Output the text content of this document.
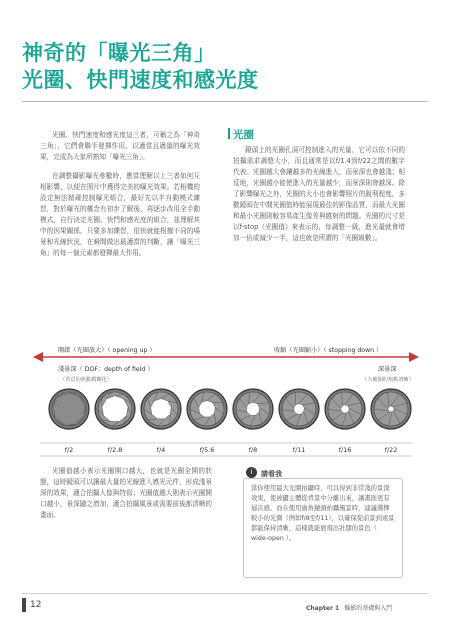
神奇的「曝光三角」
光圈、快門速度和感光度

光圈、快門速度和感光度這三者，可稱之為「神奇三角」，它們會聯手發揮作用，以適當且適量的曝光效果，完成為大家所熟知「曝光三角」。

在調整攝影曝光參數時，應當理解以上三者如何互相影響，以便在照片中獲得完美的曝光效果。若相機的設定無法精確控制曝光組合，最好先以半自動模式練習，對於曝光的概念有初步了解後，再逐步改用全手動模式，自行決定光圈、快門和感光度的組合，並理解其中的因果關係。只要多加練習，很快就能根據不同的場景和光線狀況，在瞬間做出最適當的判斷，讓「曝光三角」的每一個元素都發揮最大作用。

光圈

鏡頭上的光圈孔洞可控制進入的光量，它可以依不同的拍攝需求調整大小，而且通常是以f/1.4到f/22之間的數字代表。光圈越大會讓越多的光線進入，而景深也會越淺；相反地，光圈越小能使進入的光量越少，而景深則會越深。除了影響曝光之外，光圈的大小也會影響照片的銳利程度，多數鏡頭在中間光圈值時能展現最佳的影像品質，而最大光圈和最小光圈則較容易產生像差與繞射的問題。光圈的尺寸是以f-stop（光圈值）來表示的，每調整一級，進光量就會增加一倍或減少一半，這也就是所謂的「光圈級數」。

開啟（光圈放大）（ opening up ）	收縮（光圈縮小）（ stopping down ）
淺景深（ DOF：depth of field ）
（背景的焦點模糊化）
深景深
（大範圍的焦點清晰）
f/2	f/2.8	f/4	f/5.6	f/8	f/11	f/16	f/22

光圈值越小表示光圈開口越大，也就是光圈全開的狀態，這時鏡頭可以讓最大量的光線進入感光元件，形成淺景深的效果，適合拍攝人像與特寫；光圈值越大則表示光圈開口越小，景深隨之增加，適合拍攝風景或需要前後都清晰的畫面。

i	請看我

當你使用最大光圈拍攝時，可以得到非常淺的景深效果，使被攝主體從背景中分離出來，讓畫面更有層次感。而在使用廣角鏡頭拍攝風景時，建議選擇較小的光圈（例如f/8至f/11），以確保從前景到遠景都能保持清晰，這樣就能展現出壯闊的景色（ wide-open ）。

12	Chapter 1 攝影的基礎與入門
